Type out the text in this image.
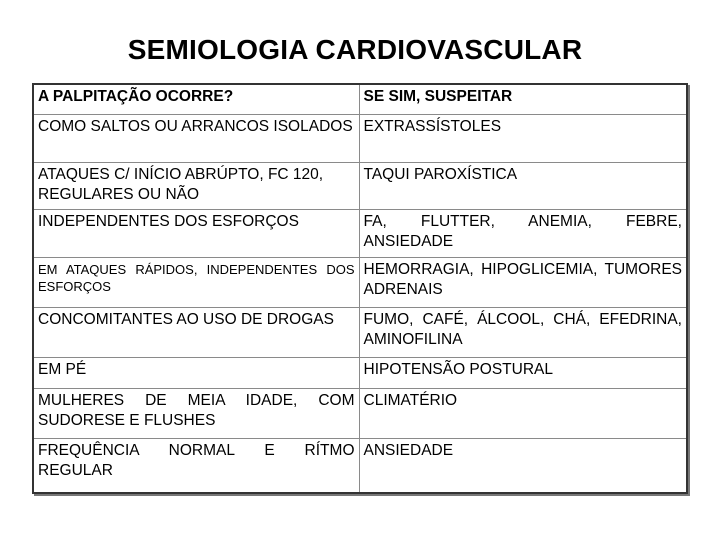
SEMIOLOGIA CARDIOVASCULAR
A PALPITAÇÃO OCORRE?	SE SIM, SUSPEITAR
COMO SALTOS OU ARRANCOS ISOLADOS	EXTRASSÍSTOLES
ATAQUES C/ INÍCIO ABRÚPTO, FC 120, REGULARES OU NÃO	TAQUI PAROXÍSTICA
INDEPENDENTES DOS ESFORÇOS	FA, FLUTTER, ANEMIA, FEBRE, ANSIEDADE
EM ATAQUES RÁPIDOS, INDEPENDENTES DOS ESFORÇOS	HEMORRAGIA, HIPOGLICEMIA, TUMORES ADRENAIS
CONCOMITANTES AO USO DE DROGAS	FUMO, CAFÉ, ÁLCOOL, CHÁ, EFEDRINA, AMINOFILINA
EM PÉ	HIPOTENSÃO POSTURAL
MULHERES DE MEIA IDADE, COM SUDORESE E FLUSHES	CLIMATÉRIO
FREQUÊNCIA NORMAL E RÍTMO REGULAR	ANSIEDADE
